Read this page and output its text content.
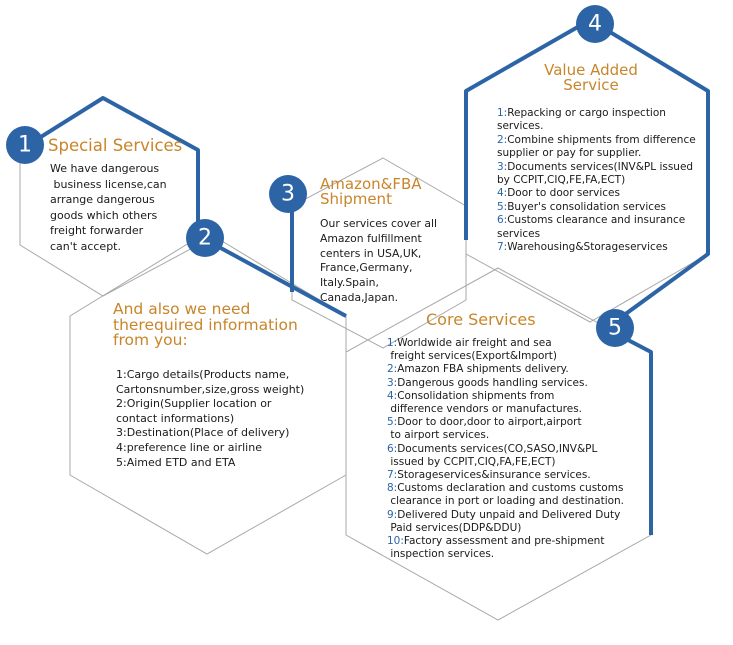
1
2
3
4
5
Special Services
We have dangerous
business license,can
arrange dangerous
goods which others
freight forwarder
can't accept.
And also we need
therequired information
from you:
1:Cargo details(Products name,
Cartonsnumber,size,gross weight)
2:Origin(Supplier location or
contact informations)
3:Destination(Place of delivery)
4:preference line or airline
5:Aimed ETD and ETA
Amazon&FBA
Shipment
Our services cover all
Amazon fulfillment
centers in USA,UK,
France,Germany,
Italy.Spain,
Canada,Japan.
Value Added
Service
1:Repacking or cargo inspection
services.
2:Combine shipments from difference
supplier or pay for supplier.
3:Documents services(INV&PL issued
by CCPIT,CIQ,FE,FA,ECT)
4:Door to door services
5:Buyer's consolidation services
6:Customs clearance and insurance
services
7:Warehousing&Storageservices
Core Services
1:Worldwide air freight and sea
freight services(Export&Import)
2:Amazon FBA shipments delivery.
3:Dangerous goods handling services.
4:Consolidation shipments from
difference vendors or manufactures.
5:Door to door,door to airport,airport
to airport services.
6:Documents services(CO,SASO,INV&PL
issued by CCPIT,CIQ,FA,FE,ECT)
7:Storageservices&insurance services.
8:Customs declaration and customs customs
clearance in port or loading and destination.
9:Delivered Duty unpaid and Delivered Duty
Paid services(DDP&DDU)
10:Factory assessment and pre-shipment
inspection services.
